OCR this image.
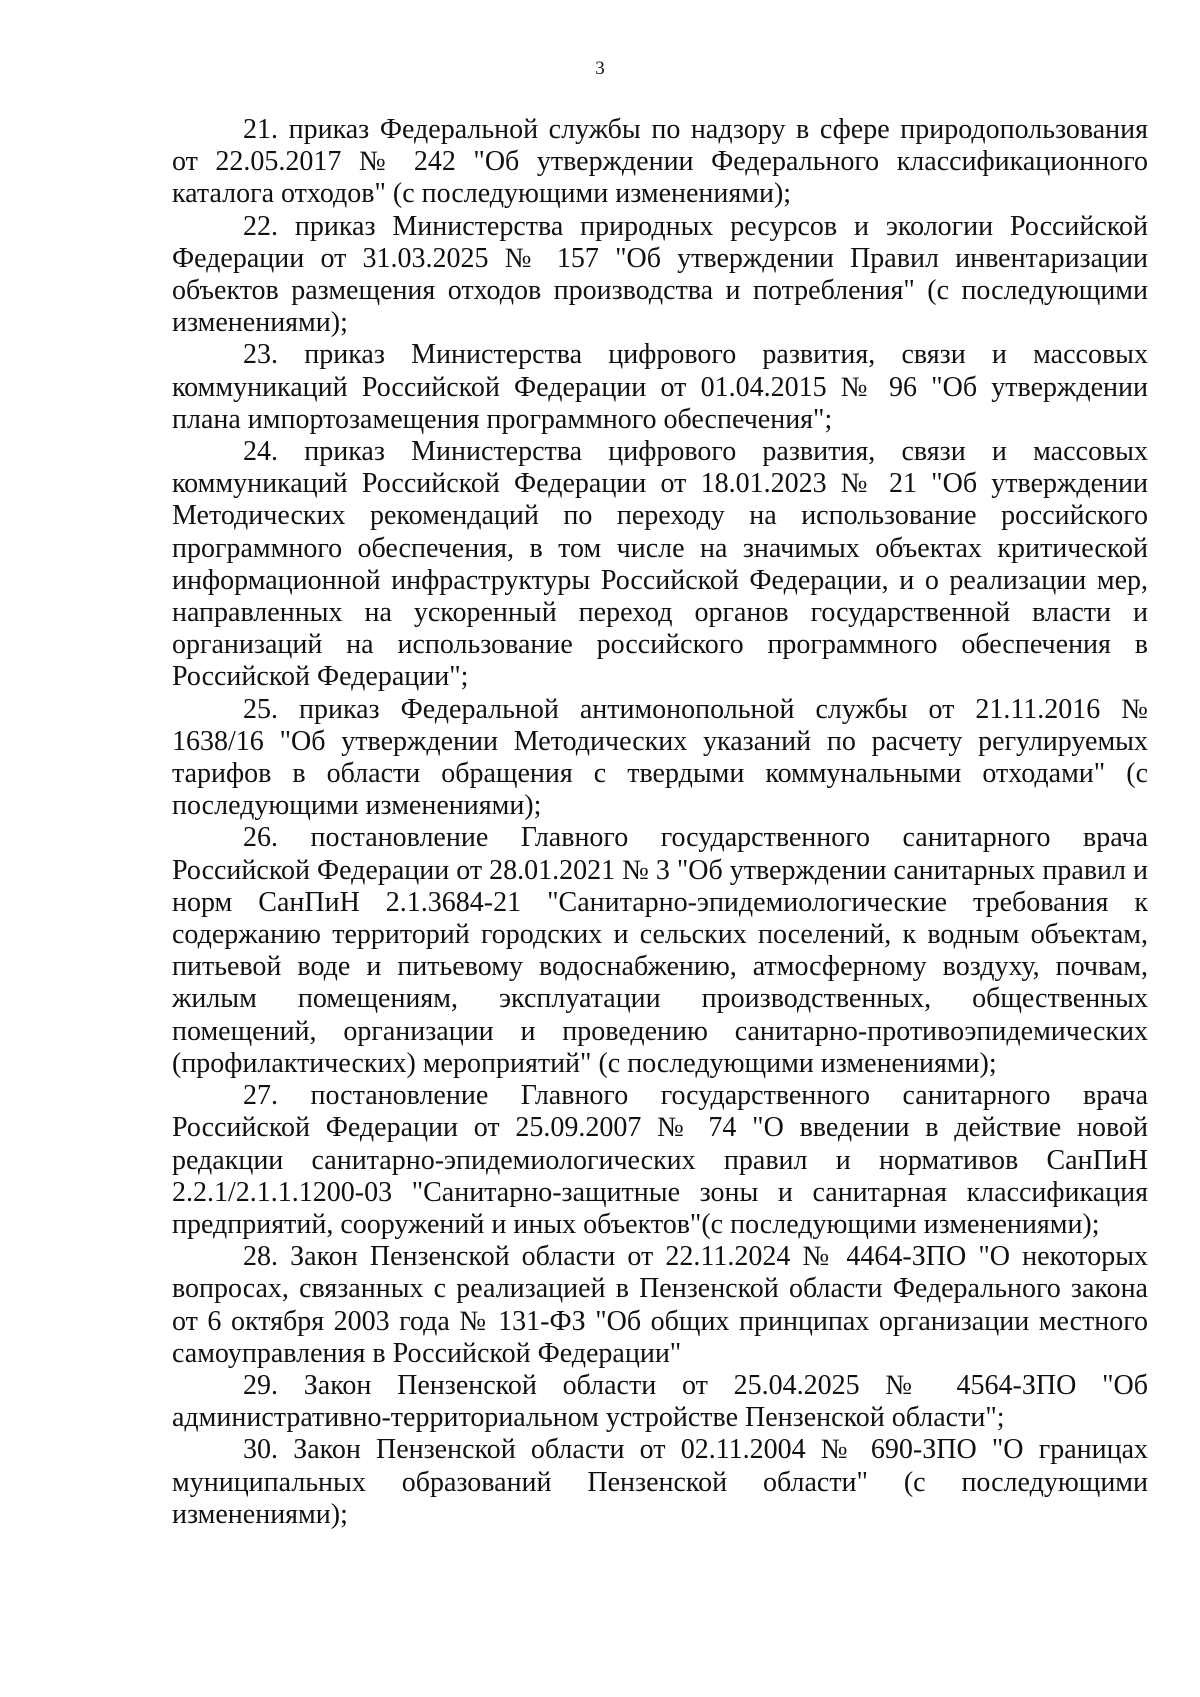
3

21. приказ Федеральной службы по надзору в сфере природопользования от 22.05.2017 № 242 "Об утверждении Федерального классификационного каталога отходов" (с последующими изменениями);

22. приказ Министерства природных ресурсов и экологии Российской Федерации от 31.03.2025 № 157 "Об утверждении Правил инвентаризации объектов размещения отходов производства и потребления" (с последующими изменениями);

23. приказ Министерства цифрового развития, связи и массовых коммуникаций Российской Федерации от 01.04.2015 № 96 "Об утверждении плана импортозамещения программного обеспечения";

24. приказ Министерства цифрового развития, связи и массовых коммуникаций Российской Федерации от 18.01.2023 № 21 "Об утверждении Методических рекомендаций по переходу на использование российского программного обеспечения, в том числе на значимых объектах критической информационной инфраструктуры Российской Федерации, и о реализации мер, направленных на ускоренный переход органов государственной власти и организаций на использование российского программного обеспечения в Российской Федерации";

25. приказ Федеральной антимонопольной службы от 21.11.2016 № 1638/16 "Об утверждении Методических указаний по расчету регулируемых тарифов в области обращения с твердыми коммунальными отходами" (с последующими изменениями);

26. постановление Главного государственного санитарного врача Российской Федерации от 28.01.2021 № 3 "Об утверждении санитарных правил и норм СанПиН 2.1.3684-21 "Санитарно-эпидемиологические требования к содержанию территорий городских и сельских поселений, к водным объектам, питьевой воде и питьевому водоснабжению, атмосферному воздуху, почвам, жилым помещениям, эксплуатации производственных, общественных помещений, организации и проведению санитарно-противоэпидемических (профилактических) мероприятий" (с последующими изменениями);

27. постановление Главного государственного санитарного врача Российской Федерации от 25.09.2007 № 74 "О введении в действие новой редакции санитарно-эпидемиологических правил и нормативов СанПиН 2.2.1/2.1.1.1200-03 "Санитарно-защитные зоны и санитарная классификация предприятий, сооружений и иных объектов"(с последующими изменениями);

28. Закон Пензенской области от 22.11.2024 № 4464-ЗПО "О некоторых вопросах, связанных с реализацией в Пензенской области Федерального закона от 6 октября 2003 года № 131-ФЗ "Об общих принципах организации местного самоуправления в Российской Федерации"

29. Закон Пензенской области от 25.04.2025 № 4564-ЗПО "Об административно-территориальном устройстве Пензенской области";

30. Закон Пензенской области от 02.11.2004 № 690-ЗПО "О границах муниципальных образований Пензенской области" (с последующими изменениями);
